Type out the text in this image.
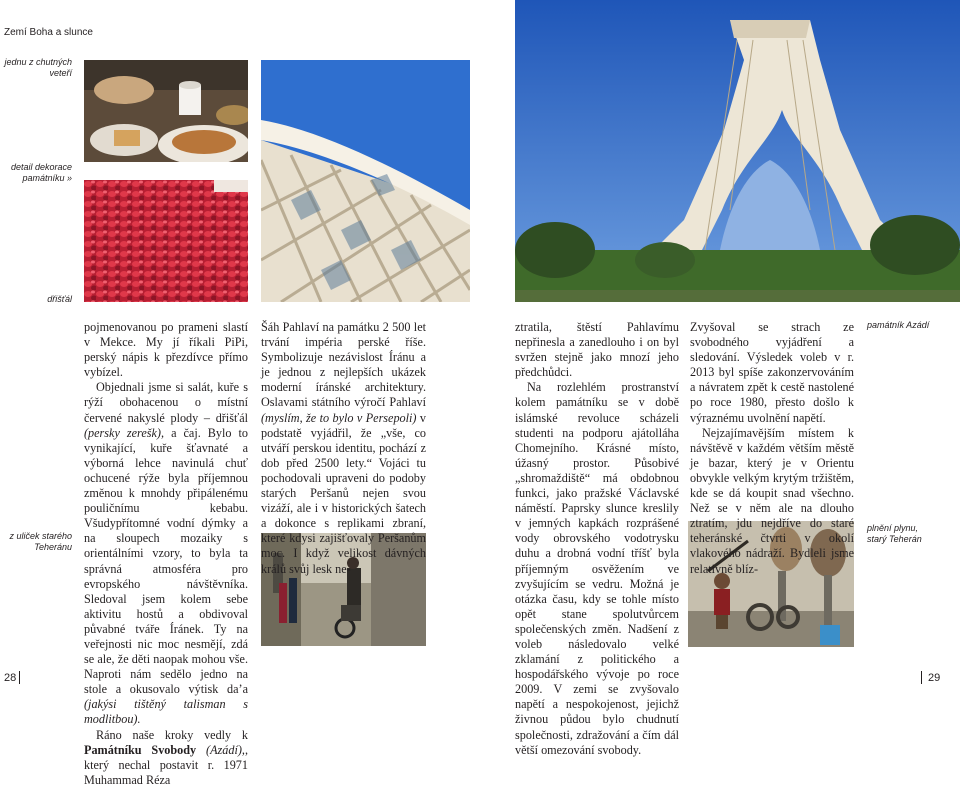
Zemí Boha a slunce
jednu z chutných
veteří
detail dekorace
památníku »
dřišťál
z uliček starého
Teheránu
památník Azádí
plnění plynu,
starý Teherán

pojmenovanou po prameni slastí v Mekce. My jí říkali PiPi, perský nápis k přezdívce přímo vybízel.

Objednali jsme si salát, kuře s rýží obohacenou o místní červené nakyslé plody – dřišťál (persky zerešk), a čaj. Bylo to vynikající, kuře šťavnaté a výborná lehce navinulá chuť ochucené rýže byla příjemnou změnou k mnohdy připálenému pouličnímu kebabu. Všudypřítomné vodní dýmky a na sloupech mozaiky s orientálními vzory, to byla ta správná atmosféra pro evropského návštěvníka. Sledoval jsem kolem sebe aktivitu hostů a obdivoval půvabné tváře Íránek. Ty na veřejnosti nic moc nesmějí, zdá se ale, že děti naopak mohou vše. Naproti nám sedělo jedno na stole a okusovalo výtisk da’a (jakýsi tištěný talisman s modlitbou).

Ráno naše kroky vedly k Památníku Svobody (Azádí),, který nechal postavit r. 1971 Muhammad Réza

Šáh Pahlaví na památku 2 500 let trvání impéria perské říše. Symbolizuje nezávislost Íránu a je jednou z nejlepších ukázek moderní íránské architektury. Oslavami státního výročí Pahlaví (myslím, že to bylo v Persepoli) v podstatě vyjádřil, že „vše, co utváří perskou identitu, pochází z dob před 2500 lety.“ Vojáci tu pochodovali upraveni do podoby starých Peršanů nejen svou vizáží, ale i v historických šatech a dokonce s replikami zbraní, které kdysi zajišťovaly Peršanům moc. I když velikost dávných králů svůj lesk ne-

ztratila, štěstí Pahlavímu nepřinesla a zanedlouho i on byl svržen stejně jako mnozí jeho předchůdci.

Na rozlehlém prostranství kolem památníku se v době islámské revoluce scházeli studenti na podporu ajátolláha Chomejního. Krásné místo, úžasný prostor. Působivé „shromaždiště“ má obdobnou funkci, jako pražské Václavské náměstí. Paprsky slunce kreslily v jemných kapkách rozprášené vody obrovského vodotrysku duhu a drobná vodní tříšť byla příjemným osvěžením ve zvyšujícím se vedru. Možná je otázka času, kdy se tohle místo opět stane spolutvůrcem společenských změn. Nadšení z voleb následovalo velké zklamání z politického a hospodářského vývoje po roce 2009. V zemi se zvyšovalo napětí a nespokojenost, jejichž živnou půdou bylo chudnutí společnosti, zdražování a čím dál větší omezování svobody.

Zvyšoval se strach ze svobodného vyjádření a sledování. Výsledek voleb v r. 2013 byl spíše zakonzervováním a návratem zpět k cestě nastolené po roce 1980, přesto došlo k výraznému uvolnění napětí.

Nejzajímavějším místem k návštěvě v každém větším městě je bazar, který je v Orientu obvykle velkým krytým tržištěm, kde se dá koupit snad všechno. Než se v něm ale na dlouho ztratím, jdu nejdříve do staré teheránské čtvrti v okolí vlakového nádraží. Bydleli jsme relativně blíz-

28	29
